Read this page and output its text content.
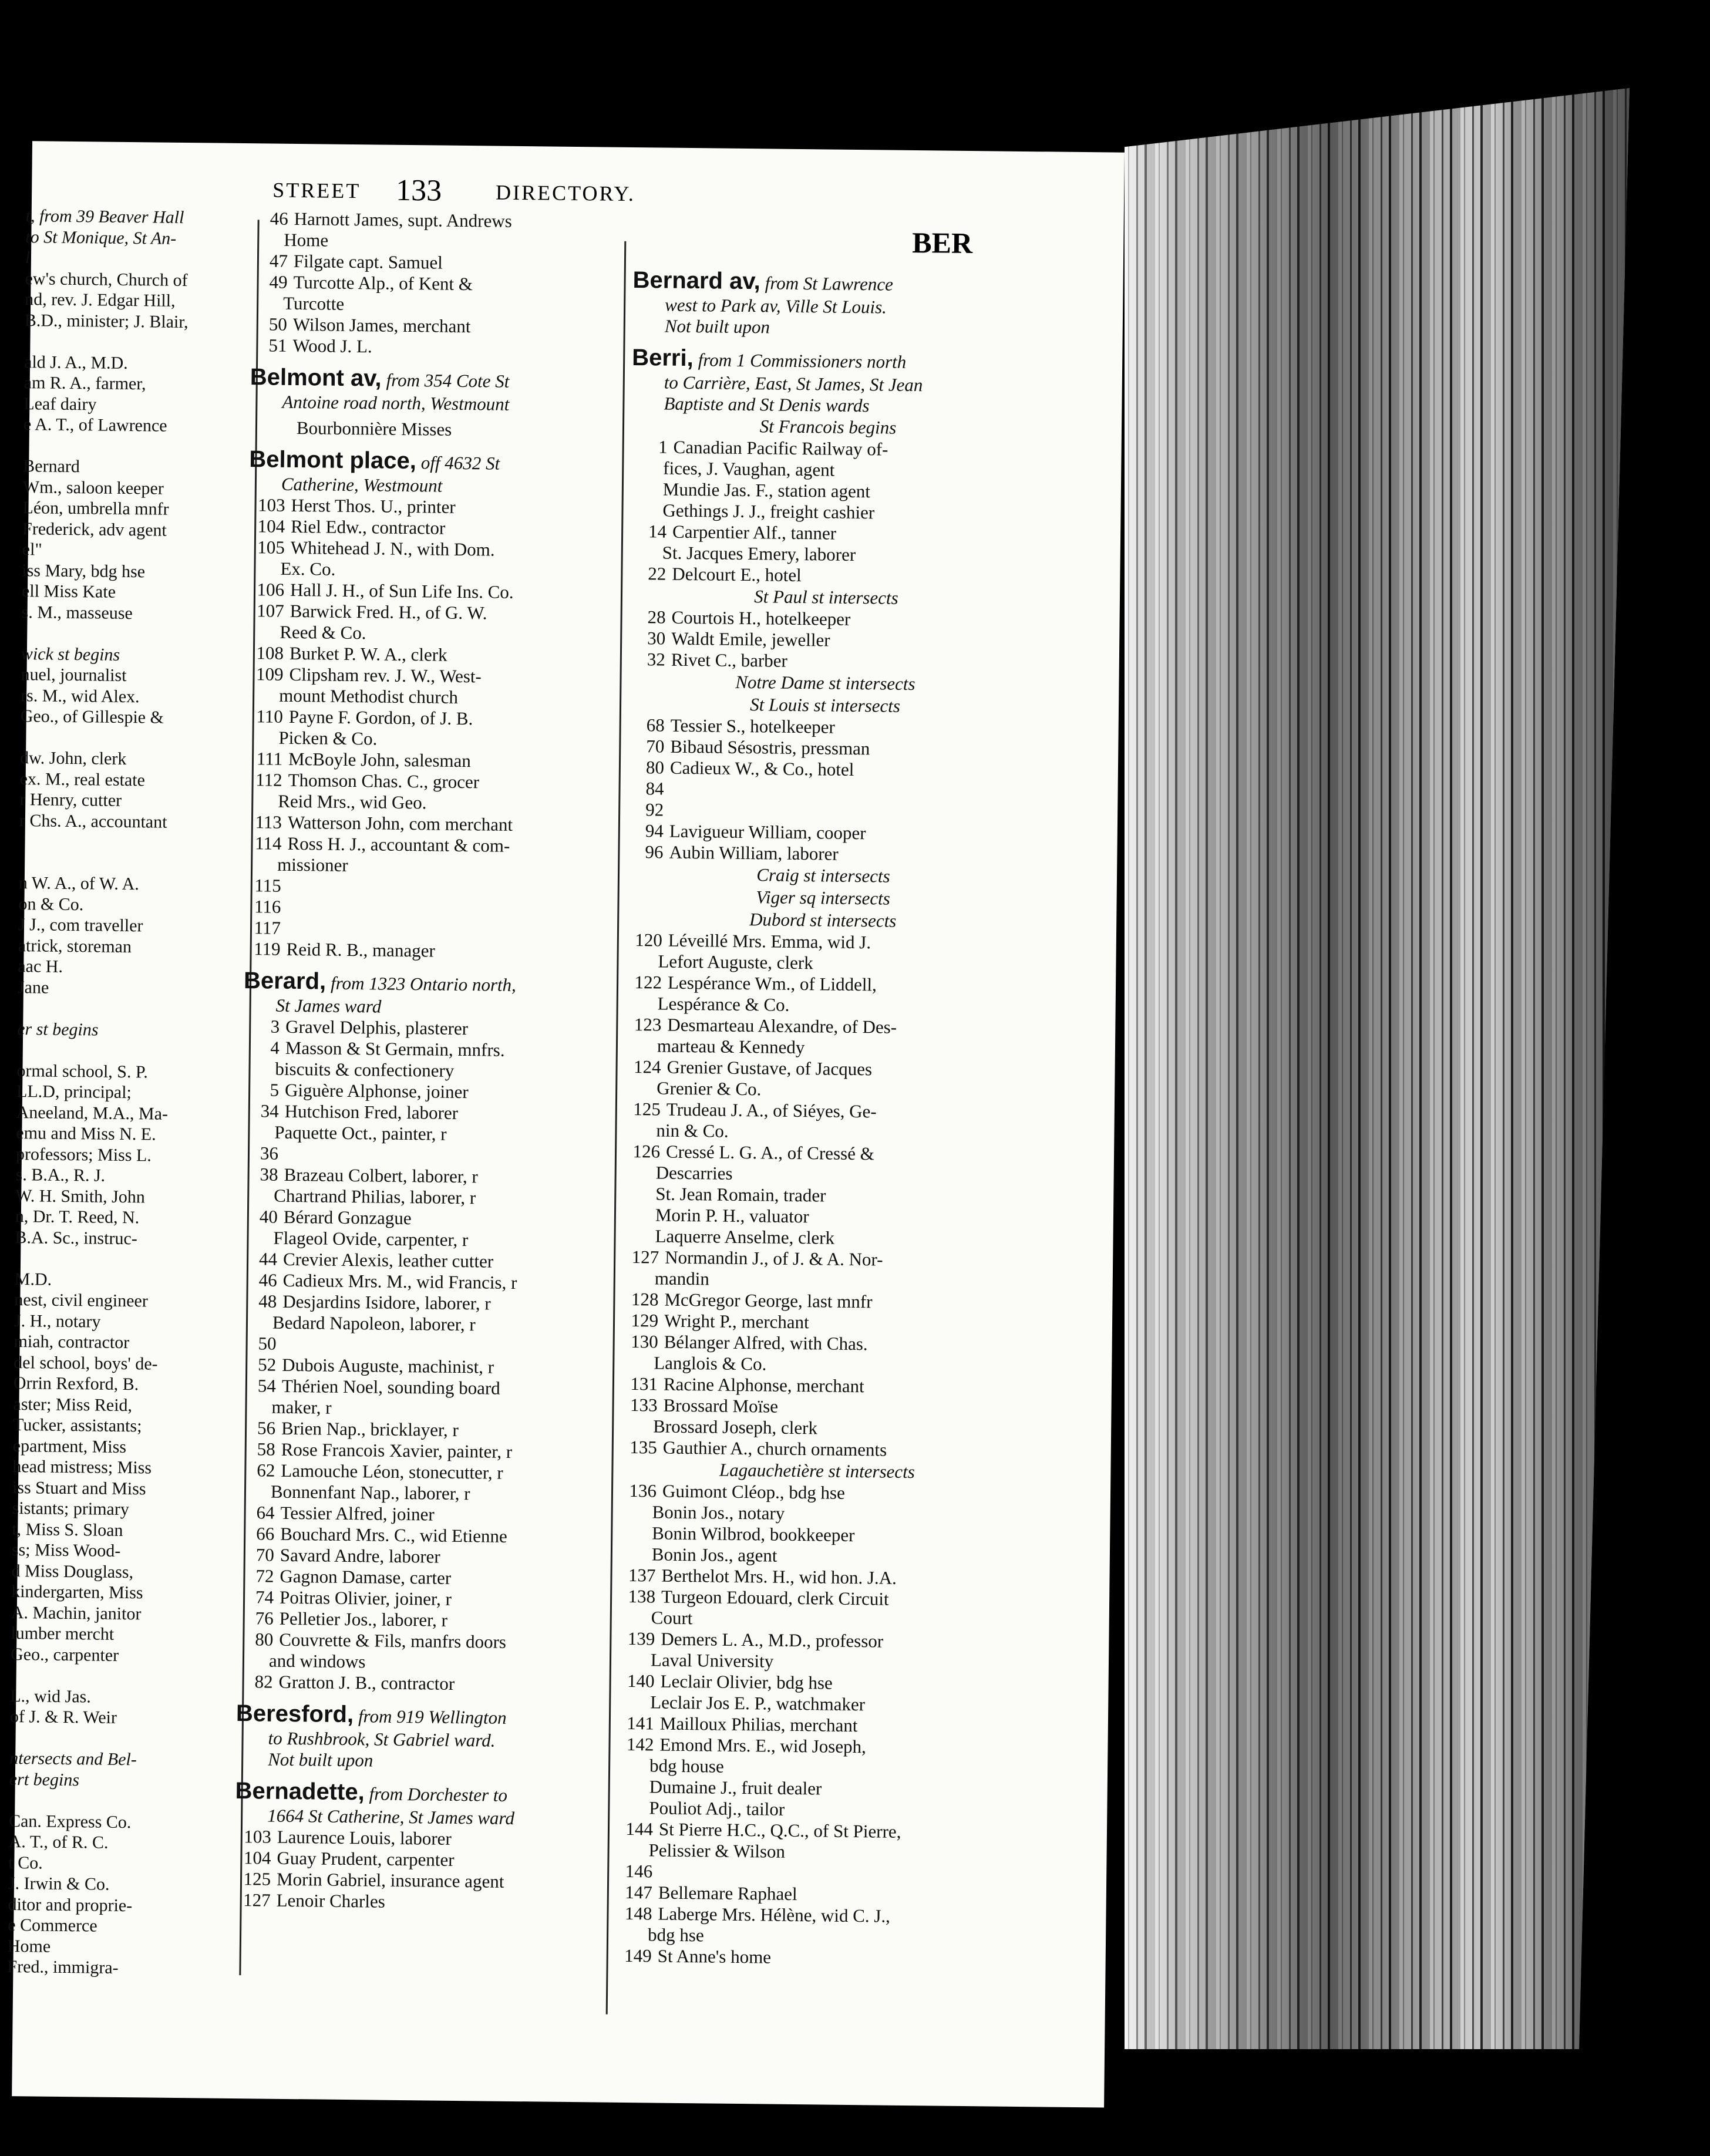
STREET 133	DIRECTORY.
BER
t, from 39 Beaver Hall
to St Monique, St An-
l
ew's church, Church of
nd, rev. J. Edgar Hill,
B.D., minister; J. Blair,

ald J. A., M.D.
am R. A., farmer,
Leaf dairy
e A. T., of Lawrence

Bernard
Wm., saloon keeper
Léon, umbrella mnfr
Frederick, adv agent
el"
iss Mary, bdg hse
ell Miss Kate
s. M., masseuse

wick st begins
nuel, journalist
rs. M., wid Alex.
Geo., of Gillespie &

dw. John, clerk
ex. M., real estate
r Henry, cutter
r Chs. A., accountant

n W. A., of W. A.
on & Co.
J J., com traveller
atrick, storeman
aac H.
Jane

er st begins

ormal school, S. P.
LL.D, principal;
Aneeland, M.A., Ma-
emu and Miss N. E.
professors; Miss L.
s. B.A., R. J.
W. H. Smith, John
n, Dr. T. Reed, N.
B.A. Sc., instruc-

M.D.
nest, civil engineer
J. H., notary
miah, contractor
del school, boys' de-
Orrin Rexford, B.
aster; Miss Reid,
Tucker, assistants;
epartment, Miss
head mistress; Miss
iss Stuart and Miss
sistants; primary
t, Miss S. Sloan
ss; Miss Wood-
d Miss Douglass,
kindergarten, Miss
A. Machin, janitor
lumber mercht
Geo., carpenter

L., wid Jas.
of J. & R. Weir

ntersects and Bel-
ert begins

Can. Express Co.
A. T., of R. C.
t Co.
J. Irwin & Co.
ditor and proprie-
e Commerce
Home
Fred., immigra-
46 Harnott James, supt. Andrews
Home
47 Filgate capt. Samuel
49 Turcotte Alp., of Kent &
Turcotte
50 Wilson James, merchant
51 Wood J. L.
Belmont av, from 354 Cote St
Antoine road north, Westmount
Bourbonnière Misses
Belmont place, off 4632 St
Catherine, Westmount
103 Herst Thos. U., printer
104 Riel Edw., contractor
105 Whitehead J. N., with Dom.
Ex. Co.
106 Hall J. H., of Sun Life Ins. Co.
107 Barwick Fred. H., of G. W.
Reed & Co.
108 Burket P. W. A., clerk
109 Clipsham rev. J. W., West-
mount Methodist church
110 Payne F. Gordon, of J. B.
Picken & Co.
111 McBoyle John, salesman
112 Thomson Chas. C., grocer
Reid Mrs., wid Geo.
113 Watterson John, com merchant
114 Ross H. J., accountant & com-
missioner
115

116

117

119 Reid R. B., manager
Berard, from 1323 Ontario north,
St James ward
3 Gravel Delphis, plasterer
4 Masson & St Germain, mnfrs.
biscuits & confectionery
5 Giguère Alphonse, joiner
34 Hutchison Fred, laborer
Paquette Oct., painter, r
36

38 Brazeau Colbert, laborer, r
Chartrand Philias, laborer, r
40 Bérard Gonzague
Flageol Ovide, carpenter, r
44 Crevier Alexis, leather cutter
46 Cadieux Mrs. M., wid Francis, r
48 Desjardins Isidore, laborer, r
Bedard Napoleon, laborer, r
50

52 Dubois Auguste, machinist, r
54 Thérien Noel, sounding board
maker, r
56 Brien Nap., bricklayer, r
58 Rose Francois Xavier, painter, r
62 Lamouche Léon, stonecutter, r
Bonnenfant Nap., laborer, r
64 Tessier Alfred, joiner
66 Bouchard Mrs. C., wid Etienne
70 Savard Andre, laborer
72 Gagnon Damase, carter
74 Poitras Olivier, joiner, r
76 Pelletier Jos., laborer, r
80 Couvrette & Fils, manfrs doors
and windows
82 Gratton J. B., contractor
Beresford, from 919 Wellington
to Rushbrook, St Gabriel ward.
Not built upon
Bernadette, from Dorchester to
1664 St Catherine, St James ward
103 Laurence Louis, laborer
104 Guay Prudent, carpenter
125 Morin Gabriel, insurance agent
127 Lenoir Charles
Bernard av, from St Lawrence
west to Park av, Ville St Louis.
Not built upon
Berri, from 1 Commissioners north
to Carrière, East, St James, St Jean
Baptiste and St Denis wards
St Francois begins
1 Canadian Pacific Railway of-
fices, J. Vaughan, agent
Mundie Jas. F., station agent
Gethings J. J., freight cashier
14 Carpentier Alf., tanner
St. Jacques Emery, laborer
22 Delcourt E., hotel
St Paul st intersects
28 Courtois H., hotelkeeper
30 Waldt Emile, jeweller
32 Rivet C., barber
Notre Dame st intersects
St Louis st intersects
68 Tessier S., hotelkeeper
70 Bibaud Sésostris, pressman
80 Cadieux W., & Co., hotel
84

92

94 Lavigueur William, cooper
96 Aubin William, laborer
Craig st intersects
Viger sq intersects
Dubord st intersects
120 Léveillé Mrs. Emma, wid J.
Lefort Auguste, clerk
122 Lespérance Wm., of Liddell,
Lespérance & Co.
123 Desmarteau Alexandre, of Des-
marteau & Kennedy
124 Grenier Gustave, of Jacques
Grenier & Co.
125 Trudeau J. A., of Siéyes, Ge-
nin & Co.
126 Cressé L. G. A., of Cressé &
Descarries
St. Jean Romain, trader
Morin P. H., valuator
Laquerre Anselme, clerk
127 Normandin J., of J. & A. Nor-
mandin
128 McGregor George, last mnfr
129 Wright P., merchant
130 Bélanger Alfred, with Chas.
Langlois & Co.
131 Racine Alphonse, merchant
133 Brossard Moïse
Brossard Joseph, clerk
135 Gauthier A., church ornaments
Lagauchetière st intersects
136 Guimont Cléop., bdg hse
Bonin Jos., notary
Bonin Wilbrod, bookkeeper
Bonin Jos., agent
137 Berthelot Mrs. H., wid hon. J.A.
138 Turgeon Edouard, clerk Circuit
Court
139 Demers L. A., M.D., professor
Laval University
140 Leclair Olivier, bdg hse
Leclair Jos E. P., watchmaker
141 Mailloux Philias, merchant
142 Emond Mrs. E., wid Joseph,
bdg house
Dumaine J., fruit dealer
Pouliot Adj., tailor
144 St Pierre H.C., Q.C., of St Pierre,
Pelissier & Wilson
146

147 Bellemare Raphael
148 Laberge Mrs. Hélène, wid C. J.,
bdg hse
149 St Anne's home
